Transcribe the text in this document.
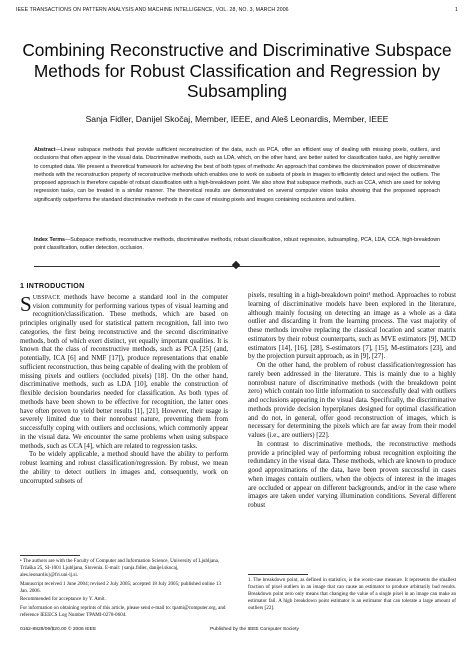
IEEE TRANSACTIONS ON PATTERN ANALYSIS AND MACHINE INTELLIGENCE, VOL. 28, NO. 3, MARCH 2006	1
Combining Reconstructive and Discriminative Subspace Methods for Robust Classification and Regression by Subsampling
Sanja Fidler, Danijel Skočaj, Member, IEEE, and Aleš Leonardis, Member, IEEE
Abstract—Linear subspace methods that provide sufficient reconstruction of the data, such as PCA, offer an efficient way of dealing with missing pixels, outliers, and occlusions that often appear in the visual data. Discriminative methods, such as LDA, which, on the other hand, are better suited for classification tasks, are highly sensitive to corrupted data. We present a theoretical framework for achieving the best of both types of methods: An approach that combines the discrimination power of discriminative methods with the reconstruction property of reconstructive methods which enables one to work on subsets of pixels in images to efficiently detect and reject the outliers. The proposed approach is therefore capable of robust classification with a high-breakdown point. We also show that subspace methods, such as CCA, which are used for solving regression tasks, can be treated in a similar manner. The theoretical results are demonstrated on several computer vision tasks showing that the proposed approach significantly outperforms the standard discriminative methods in the case of missing pixels and images containing occlusions and outliers.
Index Terms—Subspace methods, reconstructive methods, discriminative methods, robust classification, robust regression, subsampling, PCA, LDA, CCA, high-breakdown point classification, outlier detection, occlusion.
1 INTRODUCTION

SUBSPACE methods have become a standard tool in the computer vision community for performing various types of visual learning and recognition/classification. These methods, which are based on principles originally used for statistical pattern recognition, fall into two categories, the first being reconstructive and the second discriminative methods, both of which exert distinct, yet equally important qualities. It is known that the class of reconstructive methods, such as PCA [25] (and, potentially, ICA [6] and NMF [17]), produce representations that enable sufficient reconstruction, thus being capable of dealing with the problem of missing pixels and outliers (occluded pixels) [18]. On the other hand, discriminative methods, such as LDA [10], enable the construction of flexible decision boundaries needed for classification. As both types of methods have been shown to be effective for recognition, the latter ones have often proven to yield better results [1], [21]. However, their usage is severely limited due to their nonrobust nature, preventing them from successfully coping with outliers and occlusions, which commonly appear in the visual data. We encounter the same problems when using subspace methods, such as CCA [4], which are related to regression tasks.

To be widely applicable, a method should have the ability to perform robust learning and robust classification/regression. By robust, we mean the ability to detect outliers in images and, consequently, work on uncorrupted subsets of

pixels, resulting in a high-breakdown point¹ method. Approaches to robust learning of discriminative models have been explored in the literature, although mainly focusing on detecting an image as a whole as a data outlier and discarding it from the learning process. The vast majority of these methods involve replacing the classical location and scatter matrix estimators by their robust counterparts, such as MVE estimators [9], MCD estimators [14], [16], [28], S-estimators [7], [15], M-estimators [23], and by the projection pursuit approach, as in [9], [27].

On the other hand, the problem of robust classification/regression has rarely been addressed in the literature. This is mainly due to a highly nonrobust nature of discriminative methods (with the breakdown point zero) which contain too little information to successfully deal with outliers and occlusions appearing in the visual data. Specifically, the discriminative methods provide decision hyperplanes designed for optimal classification and do not, in general, offer good reconstruction of images, which is necessary for determining the pixels which are far away from their model values (i.e., are outliers) [22].

In contrast to discriminative methods, the reconstructive methods provide a principled way of performing robust recognition exploiting the redundancy in the visual data. These methods, which are known to produce good approximations of the data, have been proven successful in cases when images contain outliers, when the objects of interest in the images are occluded or appear on different backgrounds, and/or in the case where images are taken under varying illumination conditions. Several different robust

• The authors are with the Faculty of Computer and Information Science, University of Ljubljana, Tržaška 25, SI-1001 Ljubljana, Slovenia. E-mail: {sanja.fidler, danijel.skocaj, ales.leonardis}@fri.uni-lj.si.

Manuscript received 1 June 2004; revised 2 July 2005; accepted 18 July 2005; published online 13 Jan. 2006.

Recommended for acceptance by Y. Amit.

For information on obtaining reprints of this article, please send e-mail to: tpami@computer.org, and reference IEEECS Log Number TPAMI-0278-0604.

1. The breakdown point, as defined in statistics, is the worst-case measure. It represents the smallest fraction of pixel outliers in an image that can cause an estimator to produce arbitrarily bad results. Breakdown point zero only means that changing the value of a single pixel in an image can make an estimator fail. A high breakdown point estimator is an estimator that can tolerate a large amount of outliers [22].
0162-8828/06/$20.00 © 2006 IEEE	Published by the IEEE Computer Society
